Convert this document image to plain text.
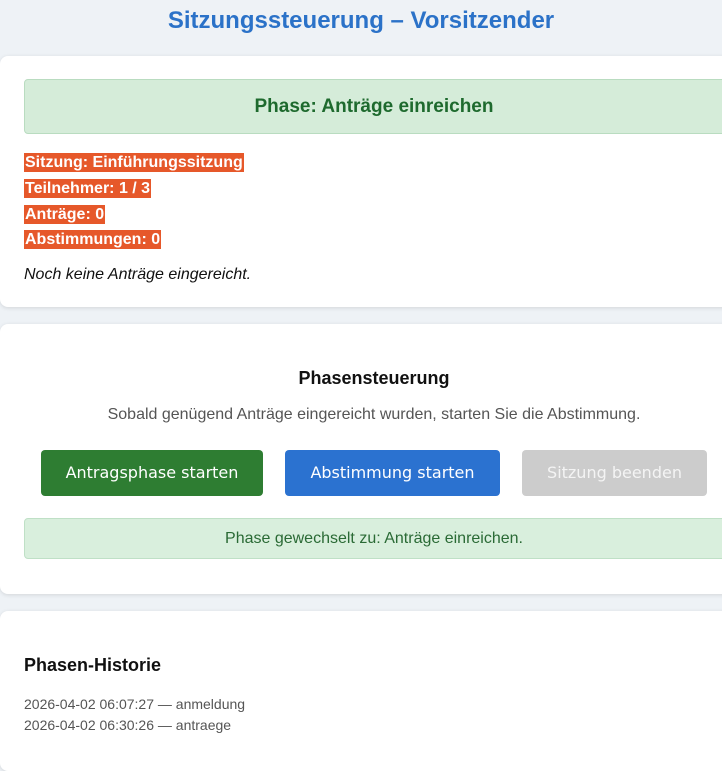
Sitzungssteuerung – Vorsitzender
Phase: Anträge einreichen
Sitzung: Einführungssitzung
Teilnehmer: 1 / 3
Anträge: 0
Abstimmungen: 0

Noch keine Anträge eingereicht.

Phasensteuerung

Sobald genügend Anträge eingereicht wurden, starten Sie die Abstimmung.

Antragsphase starten	Abstimmung starten	Sitzung beenden
Phase gewechselt zu: Anträge einreichen.
Phasen-Historie
2026-04-02 06:07:27 — anmeldung
2026-04-02 06:30:26 — antraege
